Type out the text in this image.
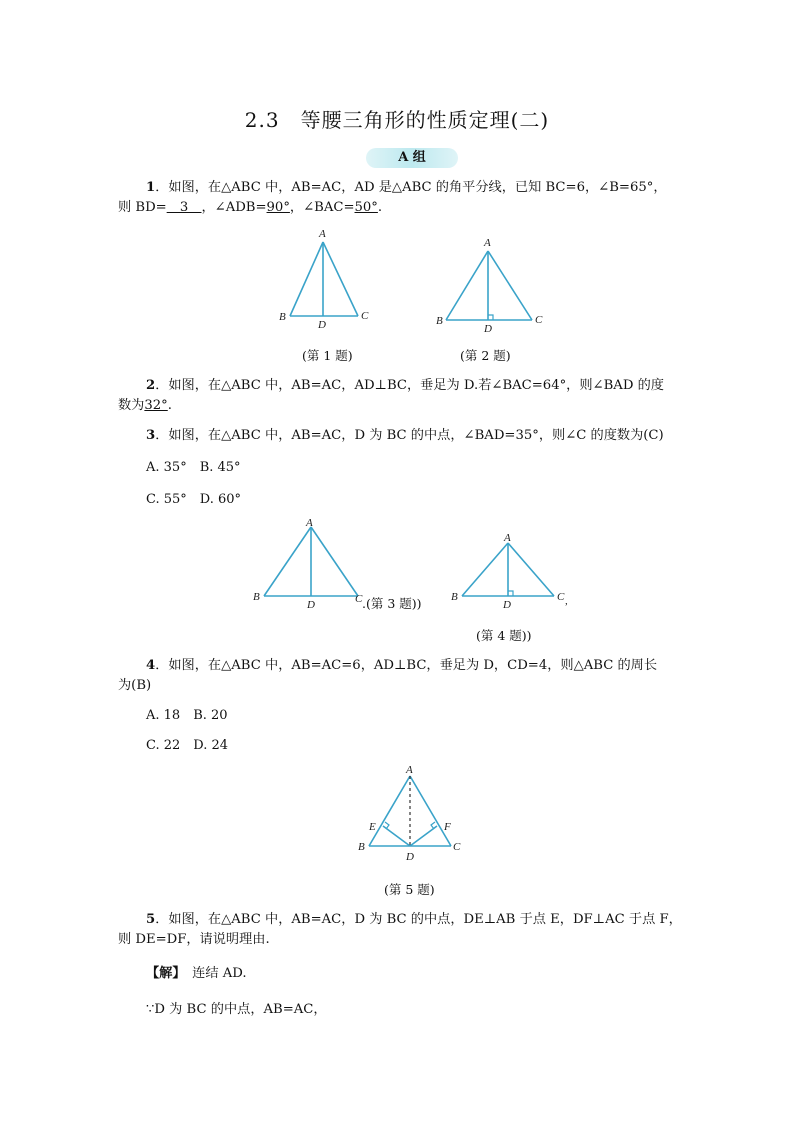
2.3　等腰三角形的性质定理(二)
A 组
1．如图，在△ABC 中，AB=AC，AD 是△ABC 的角平分线，已知 BC=6，∠B=65°，
则 BD=＿3＿，∠ADB=90°，∠BAC=50°.
A
B	C
D
(第 1 题)
A
B	C
D
(第 2 题)
2．如图，在△ABC 中，AB=AC，AD⊥BC，垂足为 D.若∠BAC=64°，则∠BAD 的度
数为32°.
3．如图，在△ABC 中，AB=AC，D 为 BC 的中点，∠BAD=35°，则∠C 的度数为(C)
A. 35°　B. 45°
C. 55°　D. 60°
A
B	C
D	.(第 3 题))
A
B	C ,
D
(第 4 题))
4．如图，在△ABC 中，AB=AC=6，AD⊥BC，垂足为 D，CD=4，则△ABC 的周长
为(B)
A. 18　B. 20
C. 22　D. 24
A
B	C
D
E	F
(第 5 题)
5．如图，在△ABC 中，AB=AC，D 为 BC 的中点，DE⊥AB 于点 E，DF⊥AC 于点 F，
则 DE=DF，请说明理由.
【解】　连结 AD.
∵D 为 BC 的中点，AB=AC，
